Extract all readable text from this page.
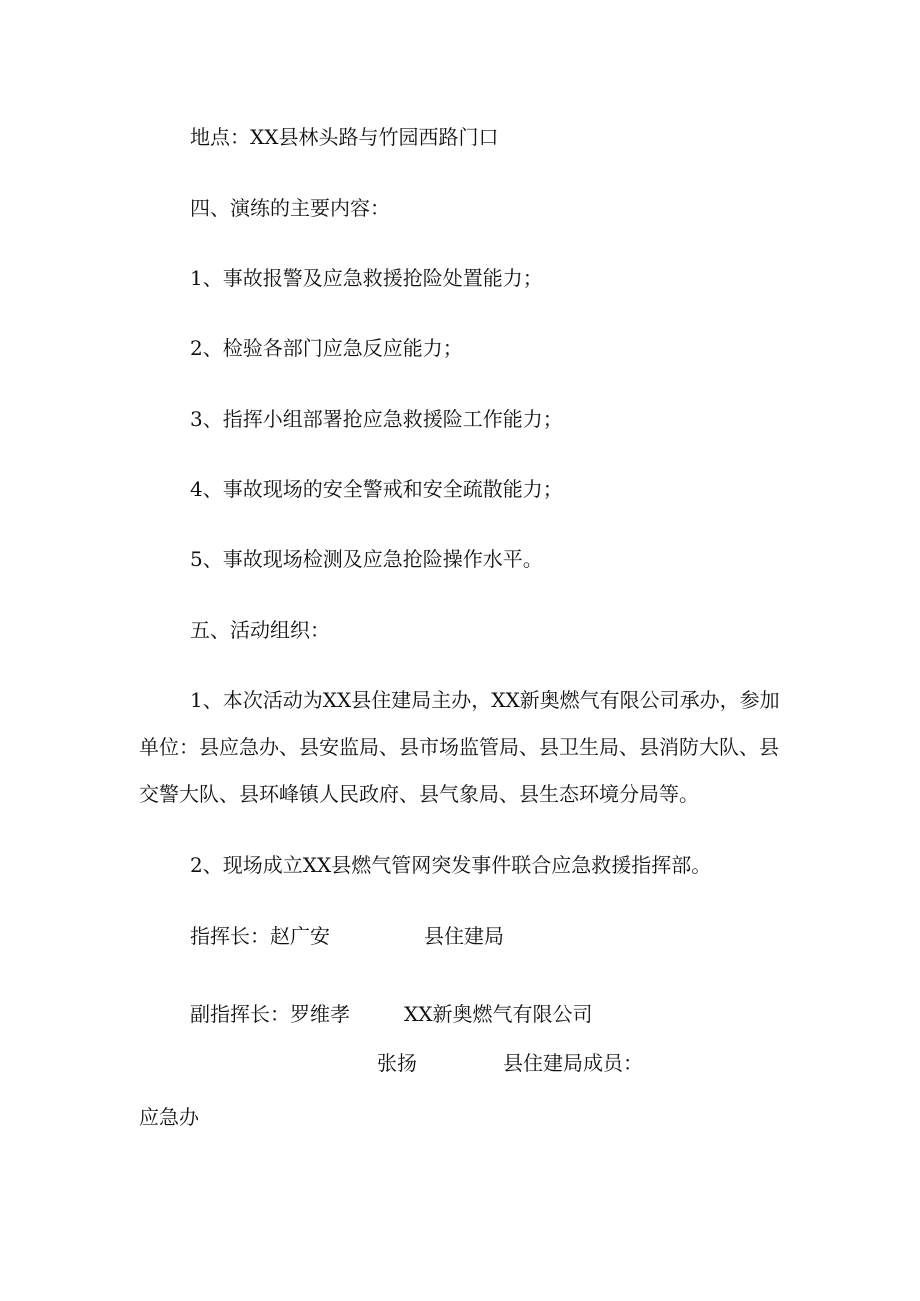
地点：XX县林头路与竹园西路门口
四、演练的主要内容：
1、事故报警及应急救援抢险处置能力；
2、检验各部门应急反应能力；
3、指挥小组部署抢应急救援险工作能力；
4、事故现场的安全警戒和安全疏散能力；
5、事故现场检测及应急抢险操作水平。
五、活动组织：
1、本次活动为XX县住建局主办，XX新奥燃气有限公司承办，参加
单位：县应急办、县安监局、县市场监管局、县卫生局、县消防大队、县
交警大队、县环峰镇人民政府、县气象局、县生态环境分局等。
2、现场成立XX县燃气管网突发事件联合应急救援指挥部。
指挥长：赵广安	县住建局
副指挥长：罗维孝	XX新奥燃气有限公司
张扬	县住建局成员：
应急办
